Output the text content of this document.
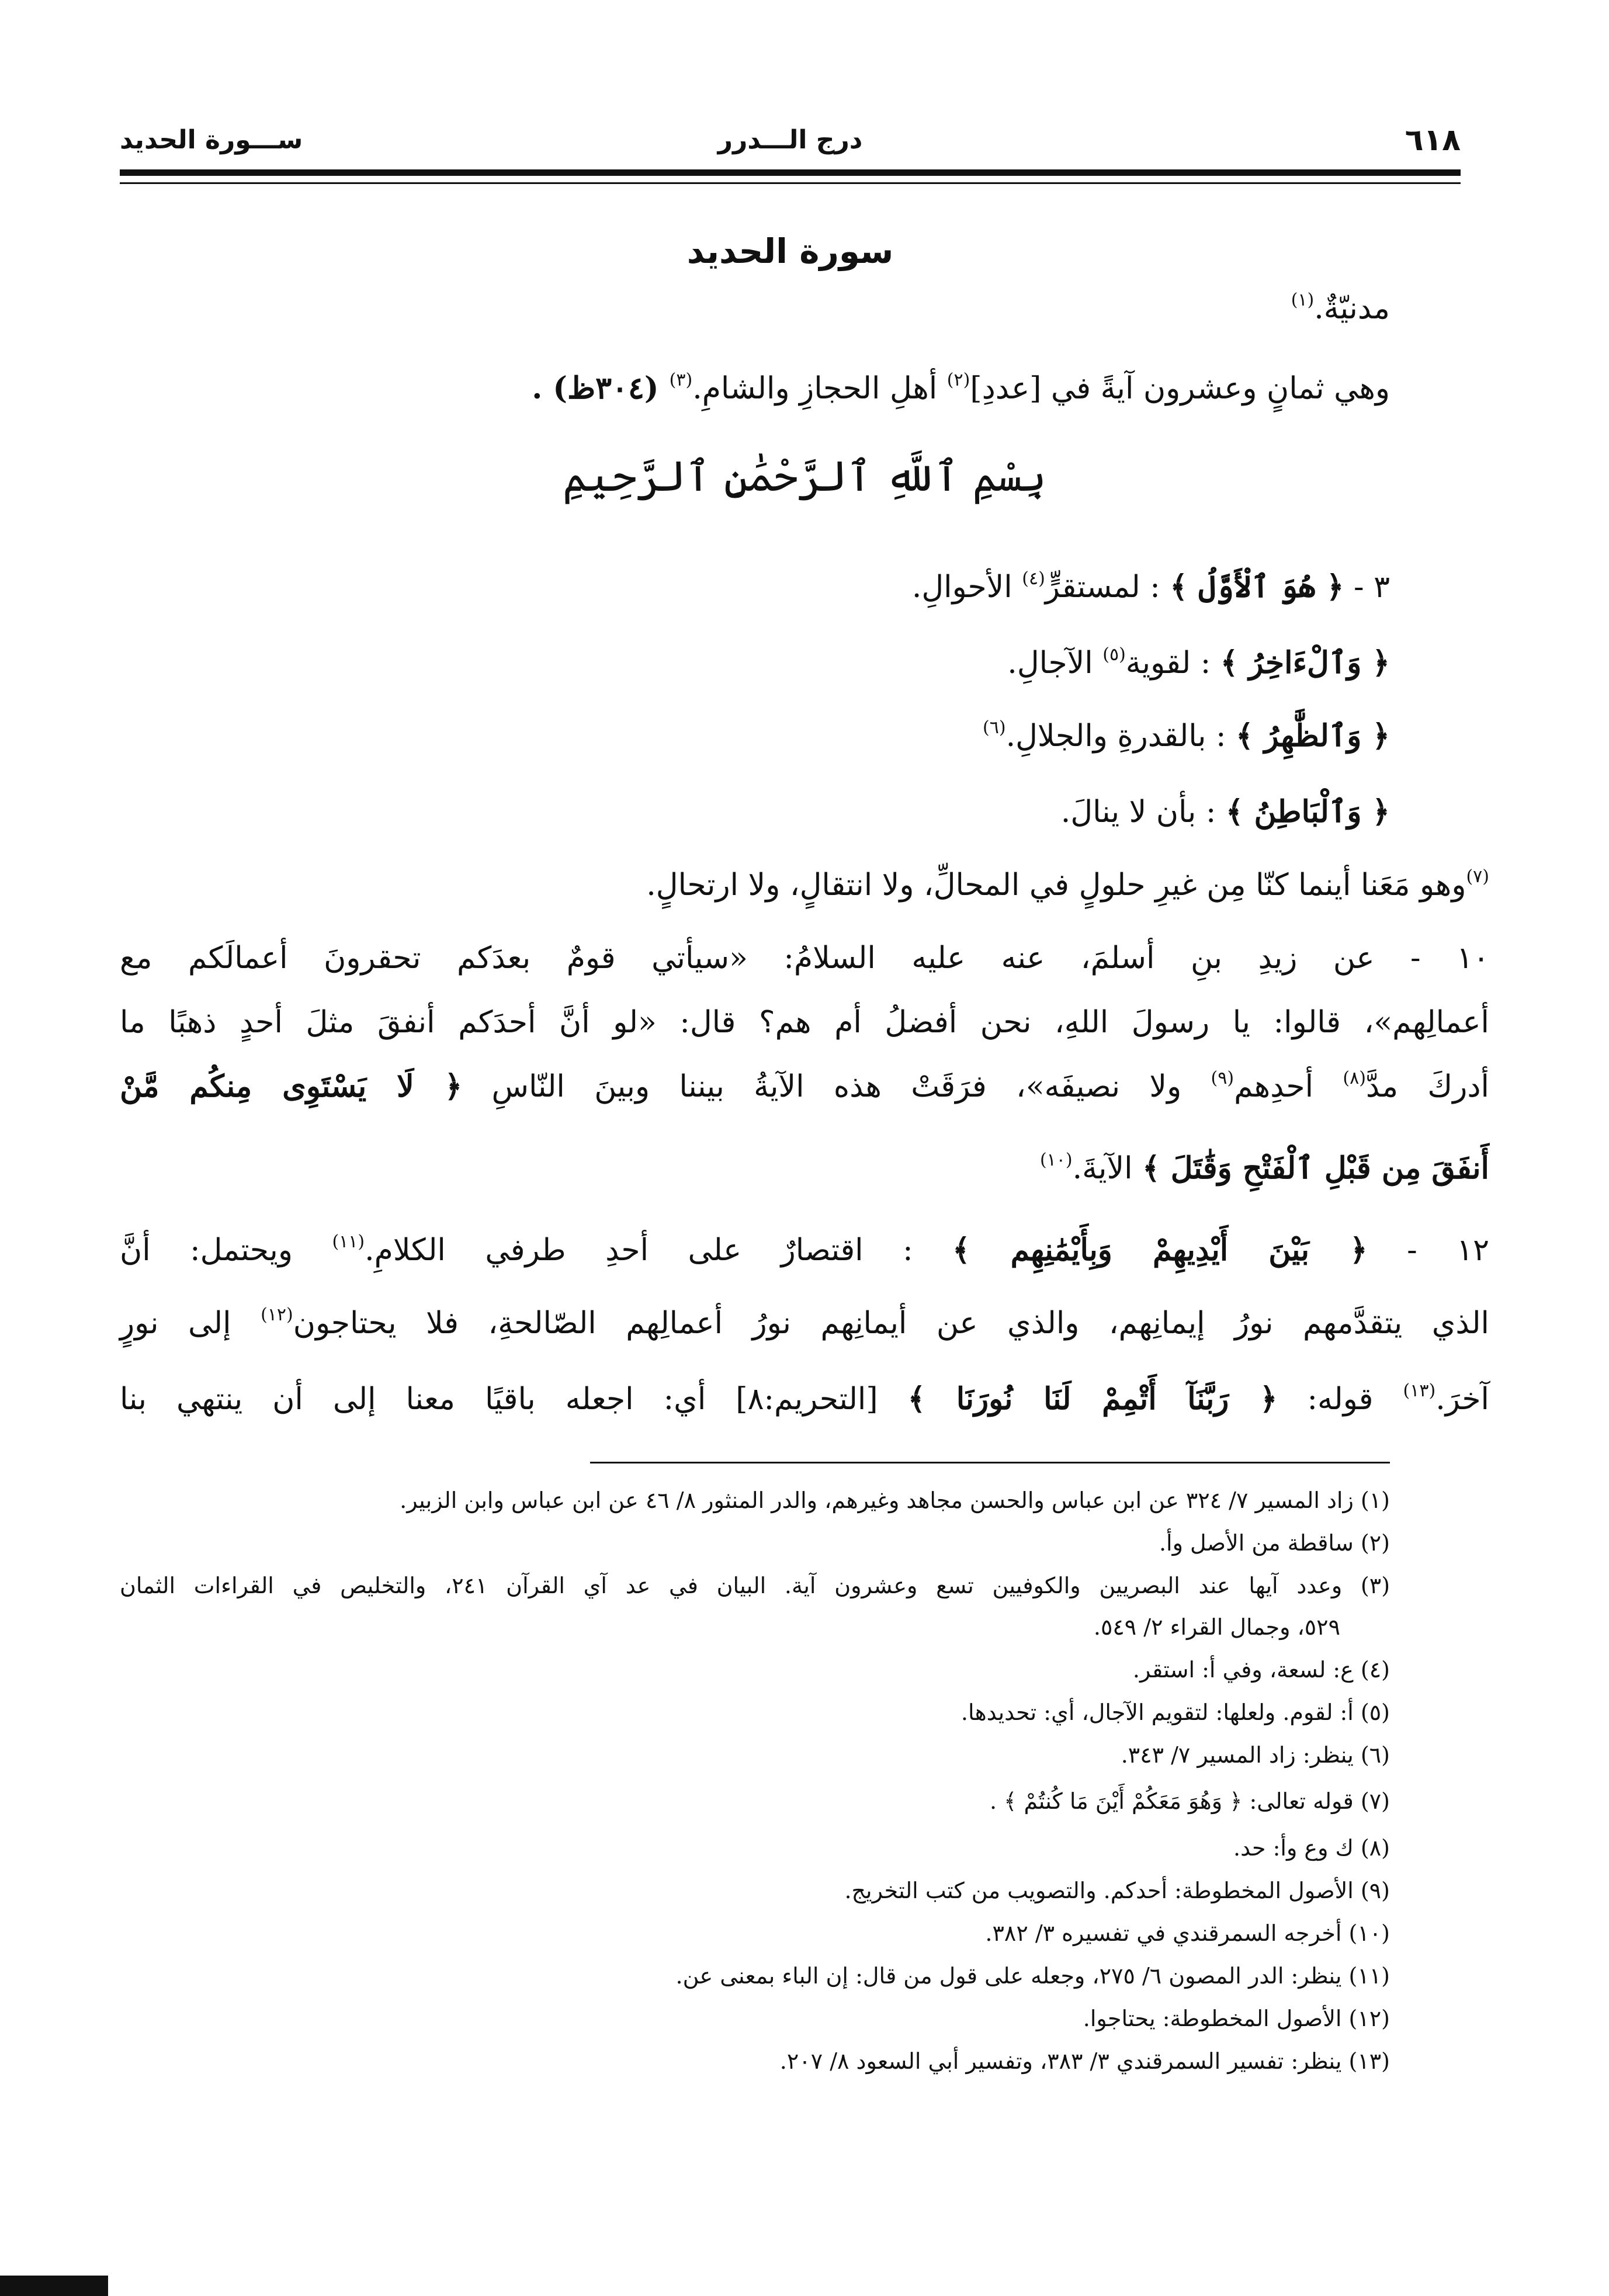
٦١٨
درج الـــدرر
ســـورة الحديد
سورة الحديد
مدنيّةٌ.$^{(١)}$
وهي ثمانٍ وعشرون آيةً في [عددِ]$^{(٢)}$ أهلِ الحجازِ والشامِ.$^{(٣)}$ (٣٠٤ظ) .
بِسْمِ ٱللَّهِ ٱلرَّحْمَٰنِ ٱلرَّحِيمِ
٣ - ﴿ هُوَ ٱلْأَوَّلُ ﴾ : لمستقرٍّ$^{(٤)}$ الأحوالِ.
﴿ وَٱلْءَاخِرُ ﴾ : لقوية$^{(٥)}$ الآجالِ.
﴿ وَٱلظَّٰهِرُ ﴾ : بالقدرةِ والجلالِ.$^{(٦)}$
﴿ وَٱلْبَاطِنُ ﴾ : بأن لا ينالَ.
$^{(٧)}$وهو مَعَنا أينما كنّا مِن غيرِ حلولٍ في المحالِّ، ولا انتقالٍ، ولا ارتحالٍ.
١٠ - عن زيدِ بنِ أسلمَ، عنه عليه السلامُ: «سيأتي قومٌ بعدَكم تحقرونَ أعمالَكم مع
أعمالِهم»، قالوا: يا رسولَ اللهِ، نحن أفضلُ أم هم؟ قال: «لو أنَّ أحدَكم أنفقَ مثلَ أحدٍ ذهبًا ما
أدركَ مدَّ$^{(٨)}$ أحدِهم$^{(٩)}$ ولا نصيفَه»، فرَقَتْ هذه الآيةُ بيننا وبينَ النّاسِ ﴿ لَا يَسْتَوِى مِنكُم مَّنْ
أَنفَقَ مِن قَبْلِ ٱلْفَتْحِ وَقَٰتَلَ ﴾ الآيةَ.$^{(١٠)}$
١٢ - ﴿ بَيْنَ أَيْدِيهِمْ وَبِأَيْمَٰنِهِم ﴾ : اقتصارٌ على أحدِ طرفي الكلامِ.$^{(١١)}$ ويحتمل: أنَّ
الذي يتقدَّمهم نورُ إيمانِهم، والذي عن أيمانِهم نورُ أعمالِهم الصّالحةِ، فلا يحتاجون$^{(١٢)}$ إلى نورٍ
آخرَ.$^{(١٣)}$ قوله: ﴿ رَبَّنَآ أَتْمِمْ لَنَا نُورَنَا ﴾ [التحريم:٨] أي: اجعله باقيًا معنا إلى أن ينتهي بنا
(١) زاد المسير ٧/ ٣٢٤ عن ابن عباس والحسن مجاهد وغيرهم، والدر المنثور ٨/ ٤٦ عن ابن عباس وابن الزبير.
(٢) ساقطة من الأصل وأ.
(٣) وعدد آيها عند البصريين والكوفيين تسع وعشرون آية. البيان في عد آي القرآن ٢٤١، والتخليص في القراءات الثمان
٥٢٩، وجمال القراء ٢/ ٥٤٩.
(٤) ع: لسعة، وفي أ: استقر.
(٥) أ: لقوم. ولعلها: لتقويم الآجال، أي: تحديدها.
(٦) ينظر: زاد المسير ٧/ ٣٤٣.
(٧) قوله تعالى: ﴿ وَهُوَ مَعَكُمْ أَيْنَ مَا كُنتُمْ ﴾ .
(٨) ك وع وأ: حد.
(٩) الأصول المخطوطة: أحدكم. والتصويب من كتب التخريج.
(١٠) أخرجه السمرقندي في تفسيره ٣/ ٣٨٢.
(١١) ينظر: الدر المصون ٦/ ٢٧٥، وجعله على قول من قال: إن الباء بمعنى عن.
(١٢) الأصول المخطوطة: يحتاجوا.
(١٣) ينظر: تفسير السمرقندي ٣/ ٣٨٣، وتفسير أبي السعود ٨/ ٢٠٧.
